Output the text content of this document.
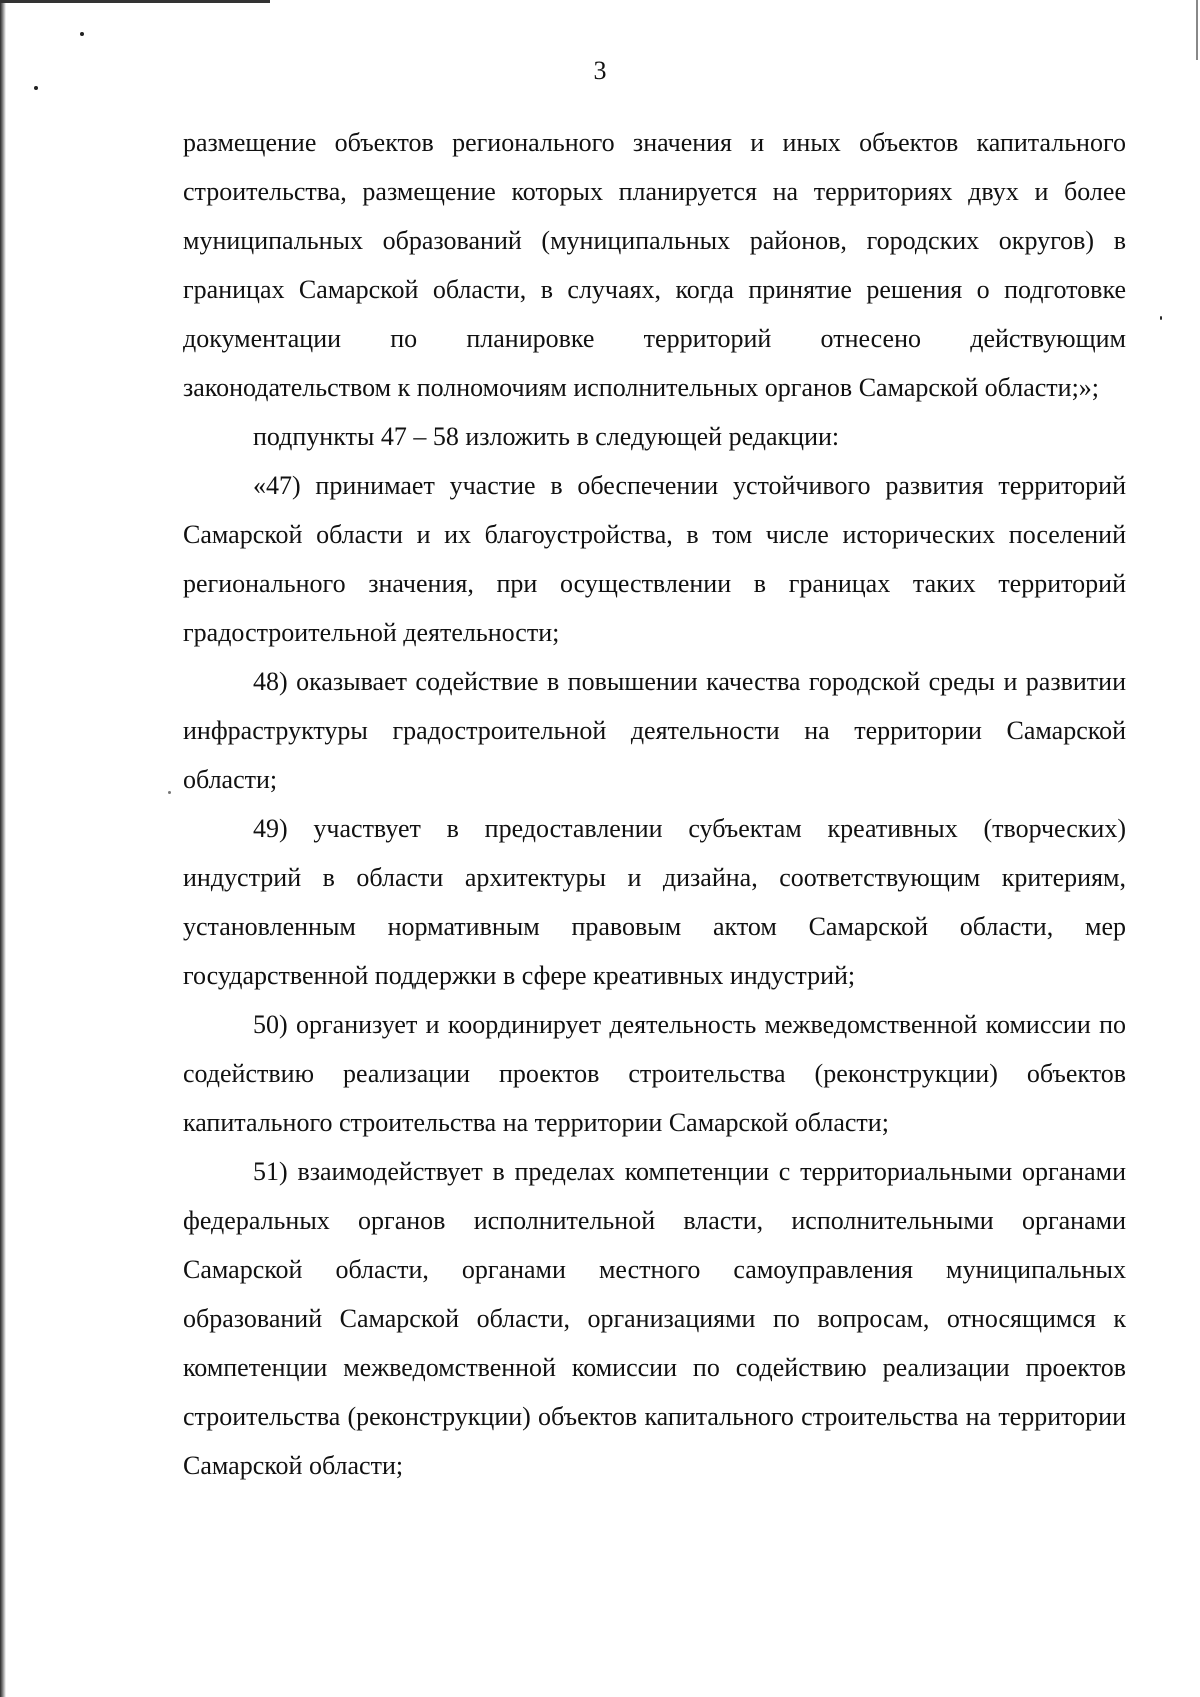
3

размещение объектов регионального значения и иных объектов капитального строительства, размещение которых планируется на территориях двух и более муниципальных образований (муниципальных районов, городских округов) в границах Самарской области, в случаях, когда принятие решения о подготовке документации по планировке территорий отнесено действующим законодательством к полномочиям исполнительных органов Самарской области;»;

подпункты 47 – 58 изложить в следующей редакции:

«47) принимает участие в обеспечении устойчивого развития территорий Самарской области и их благоустройства, в том числе исторических поселений регионального значения, при осуществлении в границах таких территорий градостроительной деятельности;

48) оказывает содействие в повышении качества городской среды и развитии инфраструктуры градостроительной деятельности на территории Самарской области;

49) участвует в предоставлении субъектам креативных (творческих) индустрий в области архитектуры и дизайна, соответствующим критериям, установленным нормативным правовым актом Самарской области, мер государственной поддержки в сфере креативных индустрий;

50) организует и координирует деятельность межведомственной комиссии по содействию реализации проектов строительства (реконструкции) объектов капитального строительства на территории Самарской области;

51) взаимодействует в пределах компетенции с территориальными органами федеральных органов исполнительной власти, исполнительными органами Самарской области, органами местного самоуправления муниципальных образований Самарской области, организациями по вопросам, относящимся к компетенции межведомственной комиссии по содействию реализации проектов строительства (реконструкции) объектов капитального строительства на территории Самарской области;
